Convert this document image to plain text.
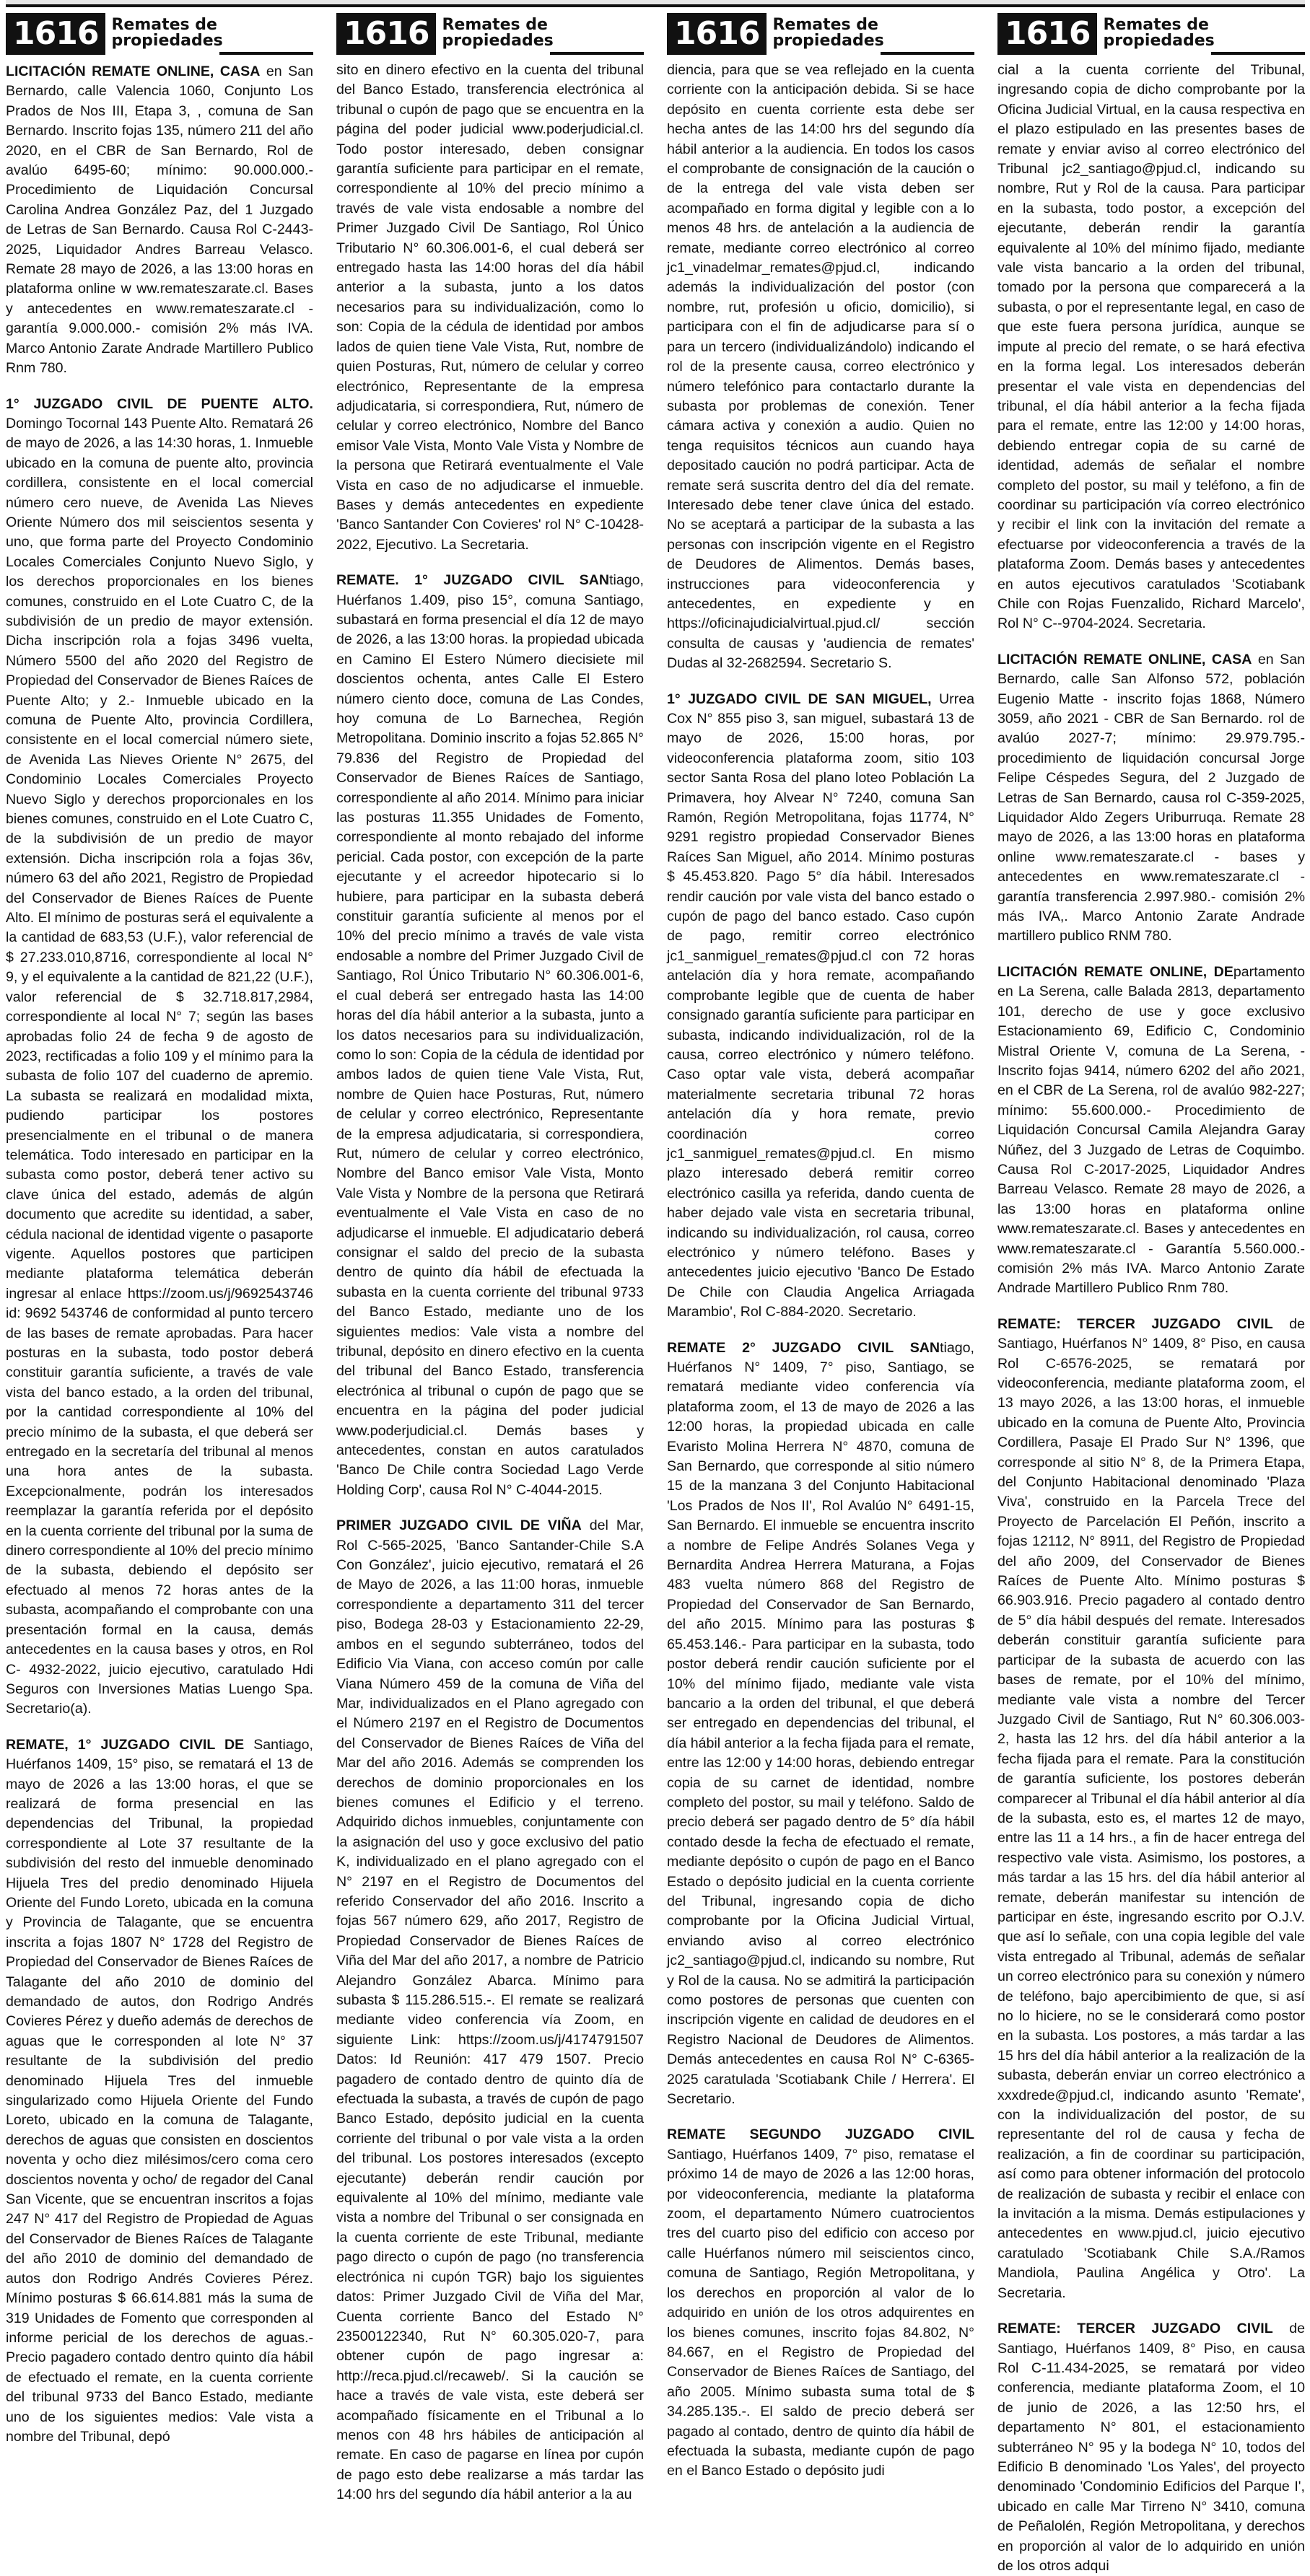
1616 Remates de propiedades

LICITACIÓN REMATE ONLINE, CASA en San Bernardo, calle Valencia 1060, Conjunto Los Prados de Nos III, Etapa 3, , comuna de San Bernardo. Inscrito fojas 135, número 211 del año 2020, en el CBR de San Bernardo, Rol de avalúo 6495-60; mínimo: 90.000.000.- Procedimiento de Liquidación Concursal Carolina Andrea González Paz, del 1 Juzgado de Letras de San Bernardo. Causa Rol C-2443-2025, Liquidador Andres Barreau Velasco. Remate 28 mayo de 2026, a las 13:00 horas en plataforma online w ww.remateszarate.cl. Bases y antecedentes en www.remateszarate.cl - garantía 9.000.000.- comisión 2% más IVA. Marco Antonio Zarate Andrade Martillero Publico Rnm 780.

1° JUZGADO CIVIL DE PUENTE ALTO. Domingo Tocornal 143 Puente Alto. Rematará 26 de mayo de 2026, a las 14:30 horas, 1. Inmueble ubicado en la comuna de puente alto, provincia cordillera, consistente en el local comercial número cero nueve, de Avenida Las Nieves Oriente Número dos mil seiscientos sesenta y uno, que forma parte del Proyecto Condominio Locales Comerciales Conjunto Nuevo Siglo, y los derechos proporcionales en los bienes comunes, construido en el Lote Cuatro C, de la subdivisión de un predio de mayor extensión. Dicha inscripción rola a fojas 3496 vuelta, Número 5500 del año 2020 del Registro de Propiedad del Conservador de Bienes Raíces de Puente Alto; y 2.- Inmueble ubicado en la comuna de Puente Alto, provincia Cordillera, consistente en el local comercial número siete, de Avenida Las Nieves Oriente N° 2675, del Condominio Locales Comerciales Proyecto Nuevo Siglo y derechos proporcionales en los bienes comunes, construido en el Lote Cuatro C, de la subdivisión de un predio de mayor extensión. Dicha inscripción rola a fojas 36v, número 63 del año 2021, Registro de Propiedad del Conservador de Bienes Raíces de Puente Alto. El mínimo de posturas será el equivalente a la cantidad de 683,53 (U.F.), valor referencial de $ 27.233.010,8716, correspondiente al local N° 9, y el equivalente a la cantidad de 821,22 (U.F.), valor referencial de $ 32.718.817,2984, correspondiente al local N° 7; según las bases aprobadas folio 24 de fecha 9 de agosto de 2023, rectificadas a folio 109 y el mínimo para la subasta de folio 107 del cuaderno de apremio. La subasta se realizará en modalidad mixta, pudiendo participar los postores presencialmente en el tribunal o de manera telemática. Todo interesado en participar en la subasta como postor, deberá tener activo su clave única del estado, además de algún documento que acredite su identidad, a saber, cédula nacional de identidad vigente o pasaporte vigente. Aquellos postores que participen mediante plataforma telemática deberán ingresar al enlace https://zoom.us/j/9692543746 id: 9692 543746 de conformidad al punto tercero de las bases de remate aprobadas. Para hacer posturas en la subasta, todo postor deberá constituir garantía suficiente, a través de vale vista del banco estado, a la orden del tribunal, por la cantidad correspondiente al 10% del precio mínimo de la subasta, el que deberá ser entregado en la secretaría del tribunal al menos una hora antes de la subasta. Excepcionalmente, podrán los interesados reemplazar la garantía referida por el depósito en la cuenta corriente del tribunal por la suma de dinero correspondiente al 10% del precio mínimo de la subasta, debiendo el depósito ser efectuado al menos 72 horas antes de la subasta, acompañando el comprobante con una presentación formal en la causa, demás antecedentes en la causa bases y otros, en Rol C- 4932-2022, juicio ejecutivo, caratulado Hdi Seguros con Inversiones Matias Luengo Spa. Secretario(a).

REMATE, 1° JUZGADO CIVIL DE Santiago, Huérfanos 1409, 15° piso, se rematará el 13 de mayo de 2026 a las 13:00 horas, el que se realizará de forma presencial en las dependencias del Tribunal, la propiedad correspondiente al Lote 37 resultante de la subdivisión del resto del inmueble denominado Hijuela Tres del predio denominado Hijuela Oriente del Fundo Loreto, ubicada en la comuna y Provincia de Talagante, que se encuentra inscrita a fojas 1807 N° 1728 del Registro de Propiedad del Conservador de Bienes Raíces de Talagante del año 2010 de dominio del demandado de autos, don Rodrigo Andrés Covieres Pérez y dueño además de derechos de aguas que le corresponden al lote N° 37 resultante de la subdivisión del predio denominado Hijuela Tres del inmueble singularizado como Hijuela Oriente del Fundo Loreto, ubicado en la comuna de Talagante, derechos de aguas que consisten en doscientos noventa y ocho diez milésimos/cero coma cero doscientos noventa y ocho/ de regador del Canal San Vicente, que se encuentran inscritos a fojas 247 N° 417 del Registro de Propiedad de Aguas del Conservador de Bienes Raíces de Talagante del año 2010 de dominio del demandado de autos don Rodrigo Andrés Covieres Pérez. Mínimo posturas $ 66.614.881 más la suma de 319 Unidades de Fomento que corresponden al informe pericial de los derechos de aguas.- Precio pagadero contado dentro quinto día hábil de efectuado el remate, en la cuenta corriente del tribunal 9733 del Banco Estado, mediante uno de los siguientes medios: Vale vista a nombre del Tribunal, depó

1616 Remates de propiedades

sito en dinero efectivo en la cuenta del tribunal del Banco Estado, transferencia electrónica al tribunal o cupón de pago que se encuentra en la página del poder judicial www.poderjudicial.cl. Todo postor interesado, deben consignar garantía suficiente para participar en el remate, correspondiente al 10% del precio mínimo a través de vale vista endosable a nombre del Primer Juzgado Civil De Santiago, Rol Único Tributario N° 60.306.001-6, el cual deberá ser entregado hasta las 14:00 horas del día hábil anterior a la subasta, junto a los datos necesarios para su individualización, como lo son: Copia de la cédula de identidad por ambos lados de quien tiene Vale Vista, Rut, nombre de quien Posturas, Rut, número de celular y correo electrónico, Representante de la empresa adjudicataria, si correspondiera, Rut, número de celular y correo electrónico, Nombre del Banco emisor Vale Vista, Monto Vale Vista y Nombre de la persona que Retirará eventualmente el Vale Vista en caso de no adjudicarse el inmueble. Bases y demás antecedentes en expediente 'Banco Santander Con Covieres' rol N° C-10428-2022, Ejecutivo. La Secretaria.

REMATE. 1° JUZGADO CIVIL SANtiago, Huérfanos 1.409, piso 15°, comuna Santiago, subastará en forma presencial el día 12 de mayo de 2026, a las 13:00 horas. la propiedad ubicada en Camino El Estero Número diecisiete mil doscientos ochenta, antes Calle El Estero número ciento doce, comuna de Las Condes, hoy comuna de Lo Barnechea, Región Metropolitana. Dominio inscrito a fojas 52.865 N° 79.836 del Registro de Propiedad del Conservador de Bienes Raíces de Santiago, correspondiente al año 2014. Mínimo para iniciar las posturas 11.355 Unidades de Fomento, correspondiente al monto rebajado del informe pericial. Cada postor, con excepción de la parte ejecutante y el acreedor hipotecario si lo hubiere, para participar en la subasta deberá constituir garantía suficiente al menos por el 10% del precio mínimo a través de vale vista endosable a nombre del Primer Juzgado Civil de Santiago, Rol Único Tributario N° 60.306.001-6, el cual deberá ser entregado hasta las 14:00 horas del día hábil anterior a la subasta, junto a los datos necesarios para su individualización, como lo son: Copia de la cédula de identidad por ambos lados de quien tiene Vale Vista, Rut, nombre de Quien hace Posturas, Rut, número de celular y correo electrónico, Representante de la empresa adjudicataria, si correspondiera, Rut, número de celular y correo electrónico, Nombre del Banco emisor Vale Vista, Monto Vale Vista y Nombre de la persona que Retirará eventualmente el Vale Vista en caso de no adjudicarse el inmueble. El adjudicatario deberá consignar el saldo del precio de la subasta dentro de quinto día hábil de efectuada la subasta en la cuenta corriente del tribunal 9733 del Banco Estado, mediante uno de los siguientes medios: Vale vista a nombre del tribunal, depósito en dinero efectivo en la cuenta del tribunal del Banco Estado, transferencia electrónica al tribunal o cupón de pago que se encuentra en la página del poder judicial www.poderjudicial.cl. Demás bases y antecedentes, constan en autos caratulados 'Banco De Chile contra Sociedad Lago Verde Holding Corp', causa Rol N° C-4044-2015.

PRIMER JUZGADO CIVIL DE VIÑA del Mar, Rol C-565-2025, 'Banco Santander-Chile S.A Con González', juicio ejecutivo, rematará el 26 de Mayo de 2026, a las 11:00 horas, inmueble correspondiente a departamento 311 del tercer piso, Bodega 28-03 y Estacionamiento 22-29, ambos en el segundo subterráneo, todos del Edificio Via Viana, con acceso común por calle Viana Número 459 de la comuna de Viña del Mar, individualizados en el Plano agregado con el Número 2197 en el Registro de Documentos del Conservador de Bienes Raíces de Viña del Mar del año 2016. Además se comprenden los derechos de dominio proporcionales en los bienes comunes el Edificio y el terreno. Adquirido dichos inmuebles, conjuntamente con la asignación del uso y goce exclusivo del patio K, individualizado en el plano agregado con el N° 2197 en el Registro de Documentos del referido Conservador del año 2016. Inscrito a fojas 567 número 629, año 2017, Registro de Propiedad Conservador de Bienes Raíces de Viña del Mar del año 2017, a nombre de Patricio Alejandro González Abarca. Mínimo para subasta $ 115.286.515.-. El remate se realizará mediante video conferencia vía Zoom, en siguiente Link: https://zoom.us/j/4174791507 Datos: Id Reunión: 417 479 1507. Precio pagadero de contado dentro de quinto día de efectuada la subasta, a través de cupón de pago Banco Estado, depósito judicial en la cuenta corriente del tribunal o por vale vista a la orden del tribunal. Los postores interesados (excepto ejecutante) deberán rendir caución por equivalente al 10% del mínimo, mediante vale vista a nombre del Tribunal o ser consignada en la cuenta corriente de este Tribunal, mediante pago directo o cupón de pago (no transferencia electrónica ni cupón TGR) bajo los siguientes datos: Primer Juzgado Civil de Viña del Mar, Cuenta corriente Banco del Estado N° 23500122340, Rut N° 60.305.020-7, para obtener cupón de pago ingresar a: http://reca.pjud.cl/recaweb/. Si la caución se hace a través de vale vista, este deberá ser acompañado físicamente en el Tribunal a lo menos con 48 hrs hábiles de anticipación al remate. En caso de pagarse en línea por cupón de pago esto debe realizarse a más tardar las 14:00 hrs del segundo día hábil anterior a la au

1616 Remates de propiedades

diencia, para que se vea reflejado en la cuenta corriente con la anticipación debida. Si se hace depósito en cuenta corriente esta debe ser hecha antes de las 14:00 hrs del segundo día hábil anterior a la audiencia. En todos los casos el comprobante de consignación de la caución o de la entrega del vale vista deben ser acompañado en forma digital y legible con a lo menos 48 hrs. de antelación a la audiencia de remate, mediante correo electrónico al correo jc1_vinadelmar_remates@pjud.cl, indicando además la individualización del postor (con nombre, rut, profesión u oficio, domicilio), si participara con el fin de adjudicarse para sí o para un tercero (individualizándolo) indicando el rol de la presente causa, correo electrónico y número telefónico para contactarlo durante la subasta por problemas de conexión. Tener cámara activa y conexión a audio. Quien no tenga requisitos técnicos aun cuando haya depositado caución no podrá participar. Acta de remate será suscrita dentro del día del remate. Interesado debe tener clave única del estado. No se aceptará a participar de la subasta a las personas con inscripción vigente en el Registro de Deudores de Alimentos. Demás bases, instrucciones para videoconferencia y antecedentes, en expediente y en https://oficinajudicialvirtual.pjud.cl/ sección consulta de causas y 'audiencia de remates' Dudas al 32-2682594. Secretario S.

1° JUZGADO CIVIL DE SAN MIGUEL, Urrea Cox N° 855 piso 3, san miguel, subastará 13 de mayo de 2026, 15:00 horas, por videoconferencia plataforma zoom, sitio 103 sector Santa Rosa del plano loteo Población La Primavera, hoy Alvear N° 7240, comuna San Ramón, Región Metropolitana, fojas 11774, N° 9291 registro propiedad Conservador Bienes Raíces San Miguel, año 2014. Mínimo posturas $ 45.453.820. Pago 5° día hábil. Interesados rendir caución por vale vista del banco estado o cupón de pago del banco estado. Caso cupón de pago, remitir correo electrónico jc1_sanmiguel_remates@pjud.cl con 72 horas antelación día y hora remate, acompañando comprobante legible que de cuenta de haber consignado garantía suficiente para participar en subasta, indicando individualización, rol de la causa, correo electrónico y número teléfono. Caso optar vale vista, deberá acompañar materialmente secretaria tribunal 72 horas antelación día y hora remate, previo coordinación correo jc1_sanmiguel_remates@pjud.cl. En mismo plazo interesado deberá remitir correo electrónico casilla ya referida, dando cuenta de haber dejado vale vista en secretaria tribunal, indicando su individualización, rol causa, correo electrónico y número teléfono. Bases y antecedentes juicio ejecutivo 'Banco De Estado De Chile con Claudia Angelica Arriagada Marambio', Rol C-884-2020. Secretario.

REMATE 2° JUZGADO CIVIL SANtiago, Huérfanos N° 1409, 7° piso, Santiago, se rematará mediante video conferencia vía plataforma zoom, el 13 de mayo de 2026 a las 12:00 horas, la propiedad ubicada en calle Evaristo Molina Herrera N° 4870, comuna de San Bernardo, que corresponde al sitio número 15 de la manzana 3 del Conjunto Habitacional 'Los Prados de Nos II', Rol Avalúo N° 6491-15, San Bernardo. El inmueble se encuentra inscrito a nombre de Felipe Andrés Solanes Vega y Bernardita Andrea Herrera Maturana, a Fojas 483 vuelta número 868 del Registro de Propiedad del Conservador de San Bernardo, del año 2015. Mínimo para las posturas $ 65.453.146.- Para participar en la subasta, todo postor deberá rendir caución suficiente por el 10% del mínimo fijado, mediante vale vista bancario a la orden del tribunal, el que deberá ser entregado en dependencias del tribunal, el día hábil anterior a la fecha fijada para el remate, entre las 12:00 y 14:00 horas, debiendo entregar copia de su carnet de identidad, nombre completo del postor, su mail y teléfono. Saldo de precio deberá ser pagado dentro de 5° día hábil contado desde la fecha de efectuado el remate, mediante depósito o cupón de pago en el Banco Estado o depósito judicial en la cuenta corriente del Tribunal, ingresando copia de dicho comprobante por la Oficina Judicial Virtual, enviando aviso al correo electrónico jc2_santiago@pjud.cl, indicando su nombre, Rut y Rol de la causa. No se admitirá la participación como postores de personas que cuenten con inscripción vigente en calidad de deudores en el Registro Nacional de Deudores de Alimentos. Demás antecedentes en causa Rol N° C-6365-2025 caratulada 'Scotiabank Chile / Herrera'. El Secretario.

REMATE SEGUNDO JUZGADO CIVIL Santiago, Huérfanos 1409, 7° piso, rematase el próximo 14 de mayo de 2026 a las 12:00 horas, por videoconferencia, mediante la plataforma zoom, el departamento Número cuatrocientos tres del cuarto piso del edificio con acceso por calle Huérfanos número mil seiscientos cinco, comuna de Santiago, Región Metropolitana, y los derechos en proporción al valor de lo adquirido en unión de los otros adquirentes en los bienes comunes, inscrito fojas 84.802, N° 84.667, en el Registro de Propiedad del Conservador de Bienes Raíces de Santiago, del año 2005. Mínimo subasta suma total de $ 34.285.135.-. El saldo de precio deberá ser pagado al contado, dentro de quinto día hábil de efectuada la subasta, mediante cupón de pago en el Banco Estado o depósito judi

1616 Remates de propiedades

cial a la cuenta corriente del Tribunal, ingresando copia de dicho comprobante por la Oficina Judicial Virtual, en la causa respectiva en el plazo estipulado en las presentes bases de remate y enviar aviso al correo electrónico del Tribunal jc2_santiago@pjud.cl, indicando su nombre, Rut y Rol de la causa. Para participar en la subasta, todo postor, a excepción del ejecutante, deberán rendir la garantía equivalente al 10% del mínimo fijado, mediante vale vista bancario a la orden del tribunal, tomado por la persona que comparecerá a la subasta, o por el representante legal, en caso de que este fuera persona jurídica, aunque se impute al precio del remate, o se hará efectiva en la forma legal. Los interesados deberán presentar el vale vista en dependencias del tribunal, el día hábil anterior a la fecha fijada para el remate, entre las 12:00 y 14:00 horas, debiendo entregar copia de su carné de identidad, además de señalar el nombre completo del postor, su mail y teléfono, a fin de coordinar su participación vía correo electrónico y recibir el link con la invitación del remate a efectuarse por videoconferencia a través de la plataforma Zoom. Demás bases y antecedentes en autos ejecutivos caratulados 'Scotiabank Chile con Rojas Fuenzalido, Richard Marcelo', Rol N° C--9704-2024. Secretaria.

LICITACIÓN REMATE ONLINE, CASA en San Bernardo, calle San Alfonso 572, población Eugenio Matte - inscrito fojas 1868, Número 3059, año 2021 - CBR de San Bernardo. rol de avalúo 2027-7; mínimo: 29.979.795.- procedimiento de liquidación concursal Jorge Felipe Céspedes Segura, del 2 Juzgado de Letras de San Bernardo, causa rol C-359-2025, Liquidador Aldo Zegers Uriburruqa. Remate 28 mayo de 2026, a las 13:00 horas en plataforma online www.remateszarate.cl - bases y antecedentes en www.remateszarate.cl - garantía transferencia 2.997.980.- comisión 2% más IVA,. Marco Antonio Zarate Andrade martillero publico RNM 780.

LICITACIÓN REMATE ONLINE, DEpartamento en La Serena, calle Balada 2813, departamento 101, derecho de use y goce exclusivo Estacionamiento 69, Edificio C, Condominio Mistral Oriente V, comuna de La Serena, -Inscrito fojas 9414, número 6202 del año 2021, en el CBR de La Serena, rol de avalúo 982-227; mínimo: 55.600.000.- Procedimiento de Liquidación Concursal Camila Alejandra Garay Núñez, del 3 Juzgado de Letras de Coquimbo. Causa Rol C-2017-2025, Liquidador Andres Barreau Velasco. Remate 28 mayo de 2026, a las 13:00 horas en plataforma online www.remateszarate.cl. Bases y antecedentes en www.remateszarate.cl - Garantía 5.560.000.- comisión 2% más IVA. Marco Antonio Zarate Andrade Martillero Publico Rnm 780.

REMATE: TERCER JUZGADO CIVIL de Santiago, Huérfanos N° 1409, 8° Piso, en causa Rol C-6576-2025, se rematará por videoconferencia, mediante plataforma zoom, el 13 mayo 2026, a las 13:00 horas, el inmueble ubicado en la comuna de Puente Alto, Provincia Cordillera, Pasaje El Prado Sur N° 1396, que corresponde al sitio N° 8, de la Primera Etapa, del Conjunto Habitacional denominado 'Plaza Viva', construido en la Parcela Trece del Proyecto de Parcelación El Peñón, inscrito a fojas 12112, N° 8911, del Registro de Propiedad del año 2009, del Conservador de Bienes Raíces de Puente Alto. Mínimo posturas $ 66.903.916. Precio pagadero al contado dentro de 5° día hábil después del remate. Interesados deberán constituir garantía suficiente para participar de la subasta de acuerdo con las bases de remate, por el 10% del mínimo, mediante vale vista a nombre del Tercer Juzgado Civil de Santiago, Rut N° 60.306.003- 2, hasta las 12 hrs. del día hábil anterior a la fecha fijada para el remate. Para la constitución de garantía suficiente, los postores deberán comparecer al Tribunal el día hábil anterior al día de la subasta, esto es, el martes 12 de mayo, entre las 11 a 14 hrs., a fin de hacer entrega del respectivo vale vista. Asimismo, los postores, a más tardar a las 15 hrs. del día hábil anterior al remate, deberán manifestar su intención de participar en éste, ingresando escrito por O.J.V. que así lo señale, con una copia legible del vale vista entregado al Tribunal, además de señalar un correo electrónico para su conexión y número de teléfono, bajo apercibimiento de que, si así no lo hiciere, no se le considerará como postor en la subasta. Los postores, a más tardar a las 15 hrs del día hábil anterior a la realización de la subasta, deberán enviar un correo electrónico a xxxdrede@pjud.cl, indicando asunto 'Remate', con la individualización del postor, de su representante del rol de causa y fecha de realización, a fin de coordinar su participación, así como para obtener información del protocolo de realización de subasta y recibir el enlace con la invitación a la misma. Demás estipulaciones y antecedentes en www.pjud.cl, juicio ejecutivo caratulado 'Scotiabank Chile S.A./Ramos Mandiola, Paulina Angélica y Otro'. La Secretaria.

REMATE: TERCER JUZGADO CIVIL de Santiago, Huérfanos 1409, 8° Piso, en causa Rol C-11.434-2025, se rematará por video conferencia, mediante plataforma Zoom, el 10 de junio de 2026, a las 12:50 hrs, el departamento N° 801, el estacionamiento subterráneo N° 95 y la bodega N° 10, todos del Edificio B denominado 'Los Yales', del proyecto denominado 'Condominio Edificios del Parque I', ubicado en calle Mar Tirreno N° 3410, comuna de Peñalolén, Región Metropolitana, y derechos en proporción al valor de lo adquirido en unión de los otros adqui
